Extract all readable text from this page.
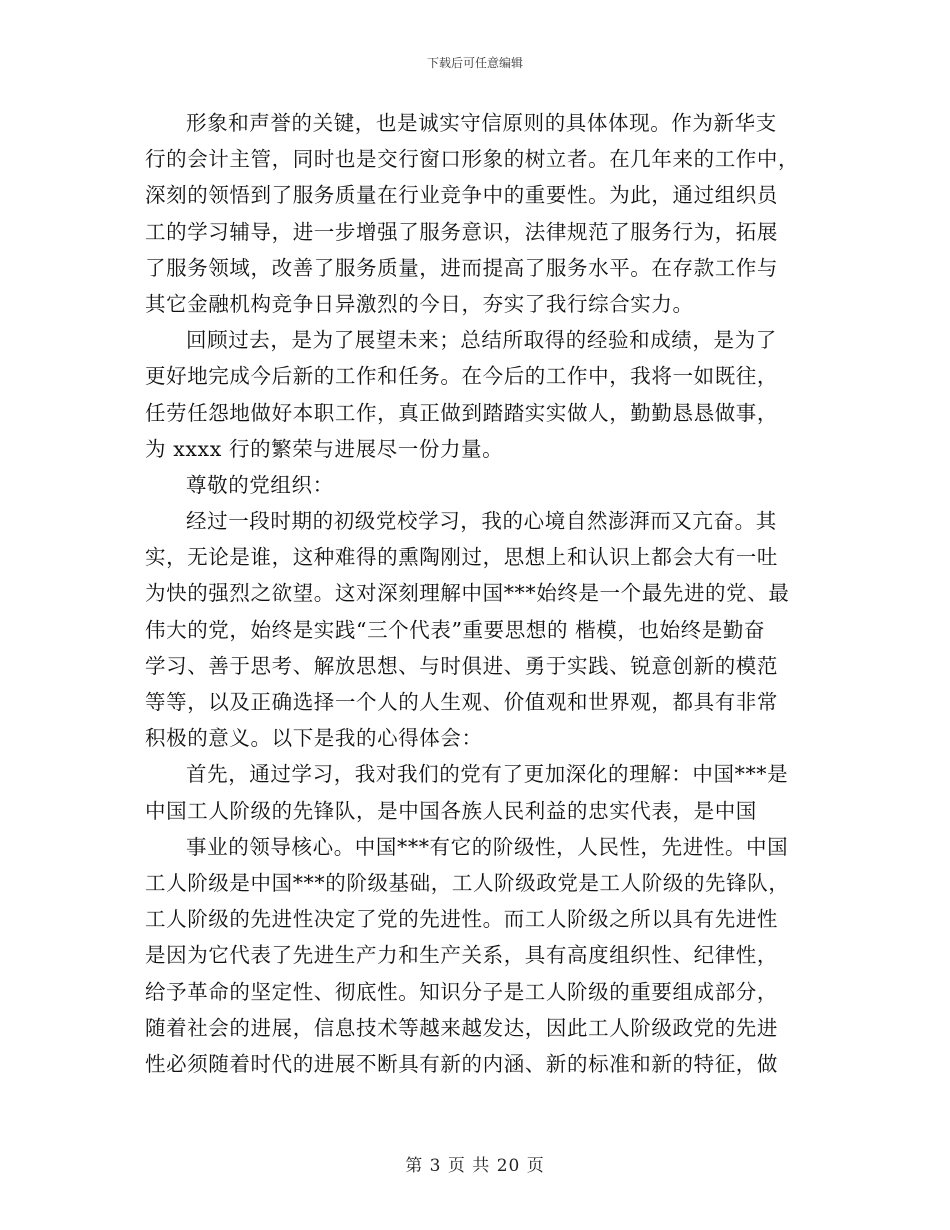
下载后可任意编辑
形象和声誉的关键，也是诚实守信原则的具体体现。作为新华支
行的会计主管，同时也是交行窗口形象的树立者。在几年来的工作中，
深刻的领悟到了服务质量在行业竞争中的重要性。为此，通过组织员
工的学习辅导，进一步增强了服务意识，法律规范了服务行为，拓展
了服务领域，改善了服务质量，进而提高了服务水平。在存款工作与
其它金融机构竞争日异激烈的今日，夯实了我行综合实力。
回顾过去，是为了展望未来；总结所取得的经验和成绩，是为了
更好地完成今后新的工作和任务。在今后的工作中，我将一如既往，
任劳任怨地做好本职工作，真正做到踏踏实实做人，勤勤恳恳做事，
为 xxxx 行的繁荣与进展尽一份力量。
尊敬的党组织：
经过一段时期的初级党校学习，我的心境自然澎湃而又亢奋。其
实，无论是谁，这种难得的熏陶刚过，思想上和认识上都会大有一吐
为快的强烈之欲望。这对深刻理解中国***始终是一个最先进的党、最
伟大的党，始终是实践“三个代表”重要思想的 楷模，也始终是勤奋
学习、善于思考、解放思想、与时俱进、勇于实践、锐意创新的模范
等等，以及正确选择一个人的人生观、价值观和世界观，都具有非常
积极的意义。以下是我的心得体会：
首先，通过学习，我对我们的党有了更加深化的理解：中国***是
中国工人阶级的先锋队，是中国各族人民利益的忠实代表，是中国
事业的领导核心。中国***有它的阶级性，人民性，先进性。中国
工人阶级是中国***的阶级基础，工人阶级政党是工人阶级的先锋队，
工人阶级的先进性决定了党的先进性。而工人阶级之所以具有先进性
是因为它代表了先进生产力和生产关系，具有高度组织性、纪律性，
给予革命的坚定性、彻底性。知识分子是工人阶级的重要组成部分，
随着社会的进展，信息技术等越来越发达，因此工人阶级政党的先进
性必须随着时代的进展不断具有新的内涵、新的标准和新的特征，做
第 3 页 共 20 页
